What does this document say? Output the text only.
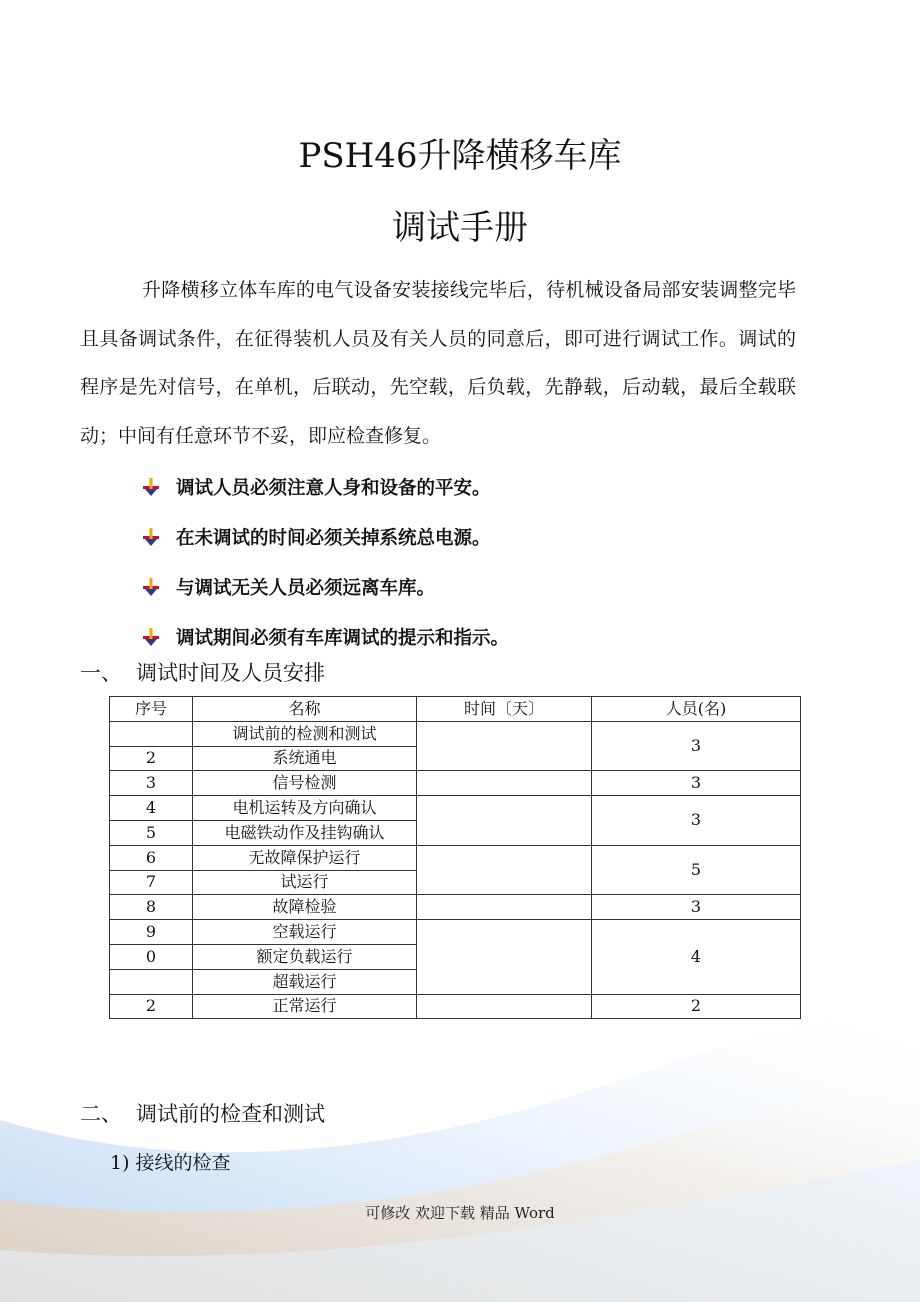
PSH46升降横移车库
调试手册

升降横移立体车库的电气设备安装接线完毕后，待机械设备局部安装调整完毕且具备调试条件，在征得装机人员及有关人员的同意后，即可进行调试工作。调试的程序是先对信号，在单机，后联动，先空载，后负载，先静载，后动载，最后全载联动；中间有任意环节不妥，即应检查修复。

调试人员必须注意人身和设备的平安。
在未调试的时间必须关掉系统总电源。
与调试无关人员必须远离车库。
调试期间必须有车库调试的提示和指示。
一、 调试时间及人员安排
序号	名称	时间〔天〕	人员(名)
	调试前的检测和测试		3
2	系统通电		
3	信号检测		3
4	电机运转及方向确认		3
5	电磁铁动作及挂钩确认		
6	无故障保护运行		5
7	试运行		
8	故障检验		3
9	空载运行		4
0	额定负载运行		
	超载运行		
2	正常运行		2
二、 调试前的检查和测试
1) 接线的检查
可修改 欢迎下载 精品 Word
